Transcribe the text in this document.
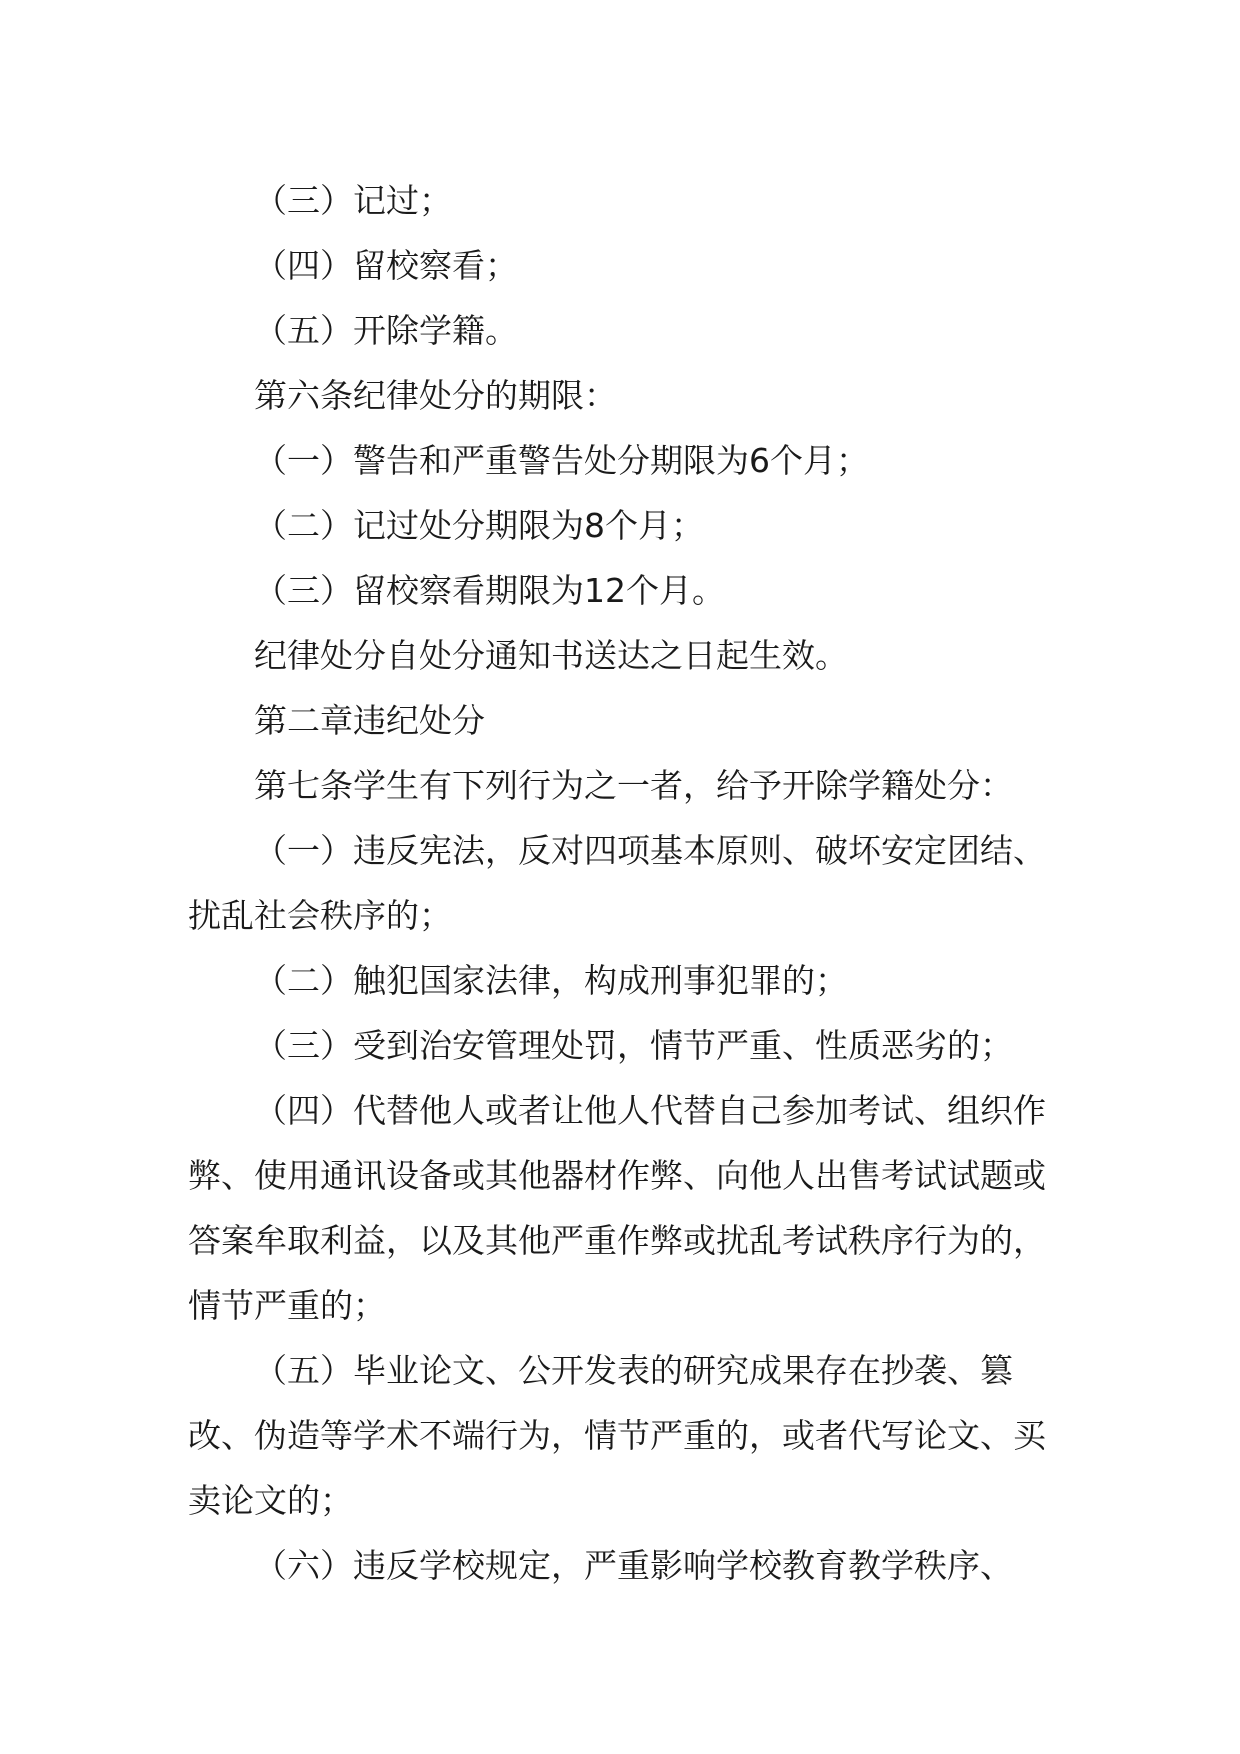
（三）记过；

（四）留校察看；

（五）开除学籍。

第六条纪律处分的期限：

（一）警告和严重警告处分期限为6个月；

（二）记过处分期限为8个月；

（三）留校察看期限为12个月。

纪律处分自处分通知书送达之日起生效。

第二章违纪处分

第七条学生有下列行为之一者，给予开除学籍处分：

（一）违反宪法，反对四项基本原则、破坏安定团结、扰乱社会秩序的；

（二）触犯国家法律，构成刑事犯罪的；

（三）受到治安管理处罚，情节严重、性质恶劣的；

（四）代替他人或者让他人代替自己参加考试、组织作弊、使用通讯设备或其他器材作弊、向他人出售考试试题或答案牟取利益，以及其他严重作弊或扰乱考试秩序行为的，情节严重的；

（五）毕业论文、公开发表的研究成果存在抄袭、篡改、伪造等学术不端行为，情节严重的，或者代写论文、买卖论文的；

（六）违反学校规定，严重影响学校教育教学秩序、
